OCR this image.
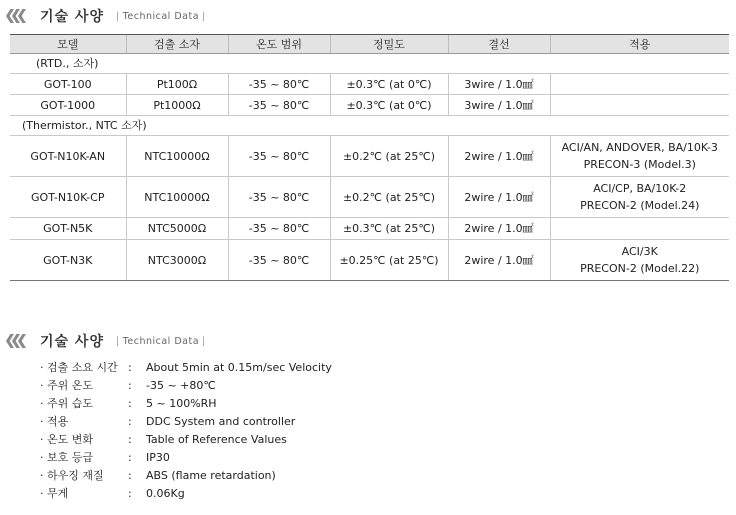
기술 사양	| Technical Data |
모델	검출 소자	온도 범위	정밀도	결선	적용
(RTD., 소자)					
GOT-100	Pt100Ω	-35 ~ 80℃	±0.3℃ (at 0℃)	3wire / 1.0㎟	
GOT-1000	Pt1000Ω	-35 ~ 80℃	±0.3℃ (at 0℃)	3wire / 1.0㎟	
(Thermistor., NTC 소자)					
GOT-N10K-AN	NTC10000Ω	-35 ~ 80℃	±0.2℃ (at 25℃)	2wire / 1.0㎟	ACI/AN, ANDOVER, BA/10K-3
PRECON-3 (Model.3)

GOT-N10K-CP	NTC10000Ω	-35 ~ 80℃	±0.2℃ (at 25℃)	2wire / 1.0㎟	ACI/CP, BA/10K-2
PRECON-2 (Model.24)

GOT-N5K	NTC5000Ω	-35 ~ 80℃	±0.3℃ (at 25℃)	2wire / 1.0㎟	
GOT-N3K	NTC3000Ω	-35 ~ 80℃	±0.25℃ (at 25℃)	2wire / 1.0㎟	ACI/3K
PRECON-2 (Model.22)
기술 사양	| Technical Data |
· 검출 소요 시간 :	About 5min at 0.15m/sec Velocity
· 주위 온도	:	-35 ~ +80℃
· 주위 습도	:	5 ~ 100%RH
· 적용	:	DDC System and controller
· 온도 변화	:	Table of Reference Values
· 보호 등급	:	IP30
· 하우징 재질	:	ABS (flame retardation)
· 무게	:	0.06Kg
